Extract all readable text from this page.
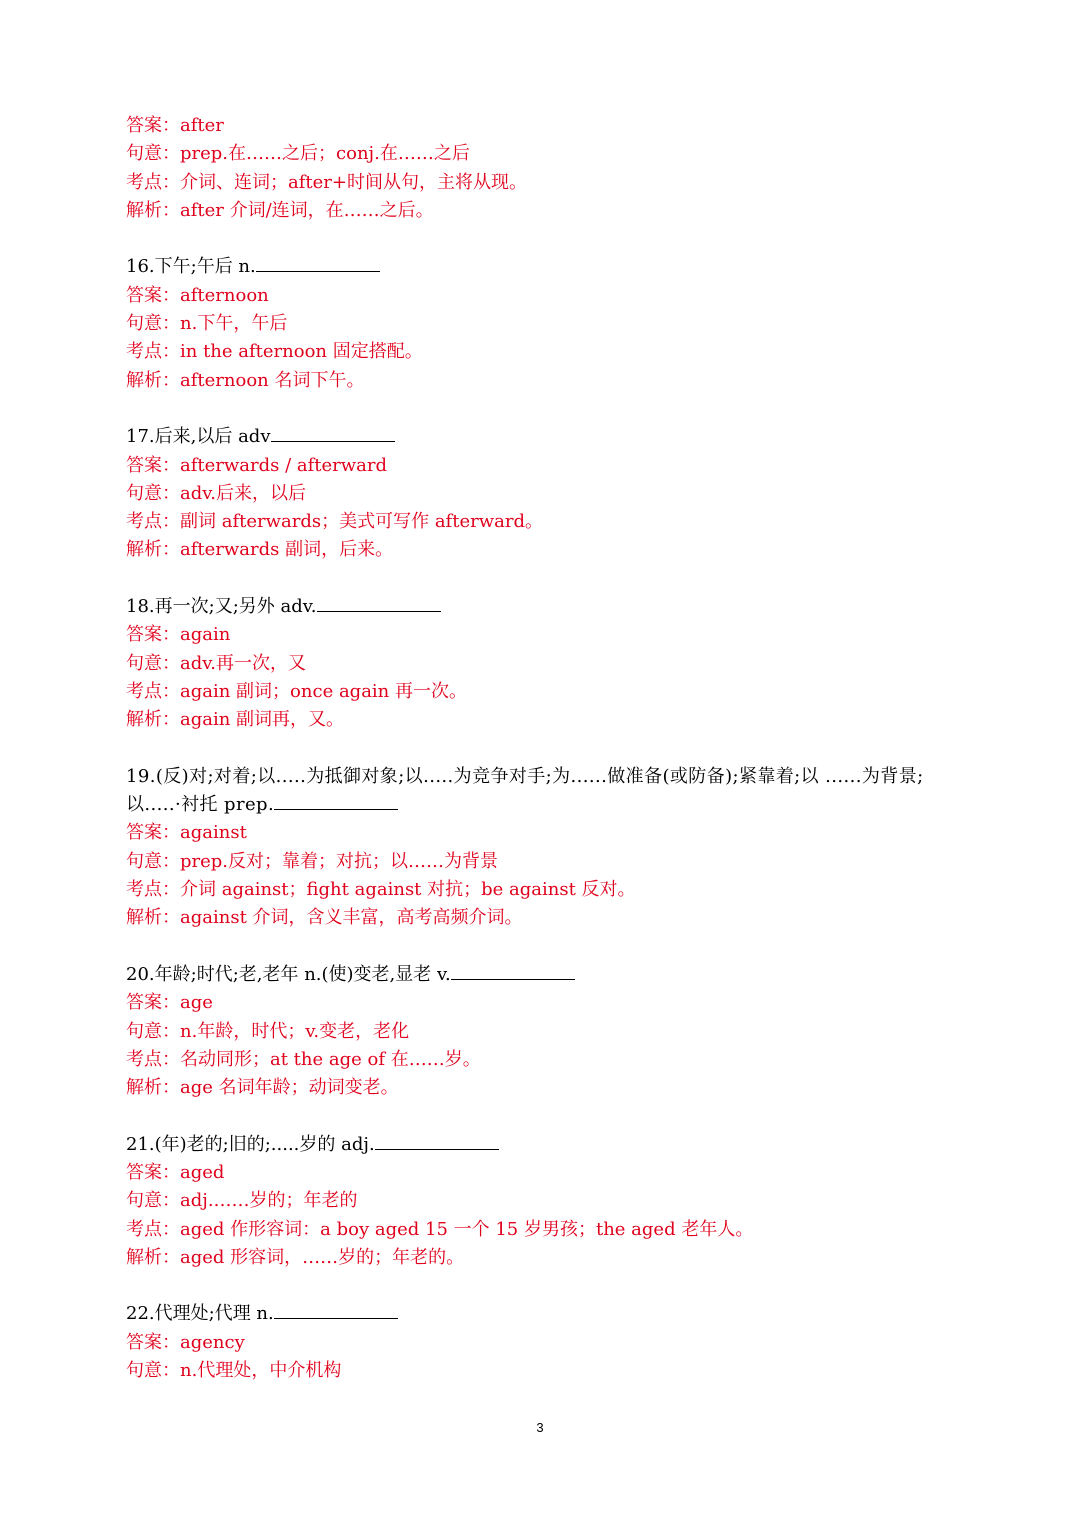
答案：after
句意：prep.在……之后；conj.在……之后
考点：介词、连词；after+时间从句，主将从现。
解析：after 介词/连词，在……之后。
16.下午;午后 n.
答案：afternoon
句意：n.下午，午后
考点：in the afternoon 固定搭配。
解析：afternoon 名词下午。
17.后来,以后 adv
答案：afterwards / afterward
句意：adv.后来，以后
考点：副词 afterwards；美式可写作 afterward。
解析：afterwards 副词，后来。
18.再一次;又;另外 adv.
答案：again
句意：adv.再一次，又
考点：again 副词；once again 再一次。
解析：again 副词再，又。
19.(反)对;对着;以.....为抵御对象;以.....为竞争对手;为......做准备(或防备);紧靠着;以 ......为背景;以.....·衬托 prep.
答案：against
句意：prep.反对；靠着；对抗；以……为背景
考点：介词 against；fight against 对抗；be against 反对。
解析：against 介词，含义丰富，高考高频介词。
20.年龄;时代;老,老年 n.(使)变老,显老 v.
答案：age
句意：n.年龄，时代；v.变老，老化
考点：名动同形；at the age of 在……岁。
解析：age 名词年龄；动词变老。
21.(年)老的;旧的;.....岁的 adj.
答案：aged
句意：adj.……岁的；年老的
考点：aged 作形容词：a boy aged 15 一个 15 岁男孩；the aged 老年人。
解析：aged 形容词，……岁的；年老的。
22.代理处;代理 n.
答案：agency
句意：n.代理处，中介机构
3
